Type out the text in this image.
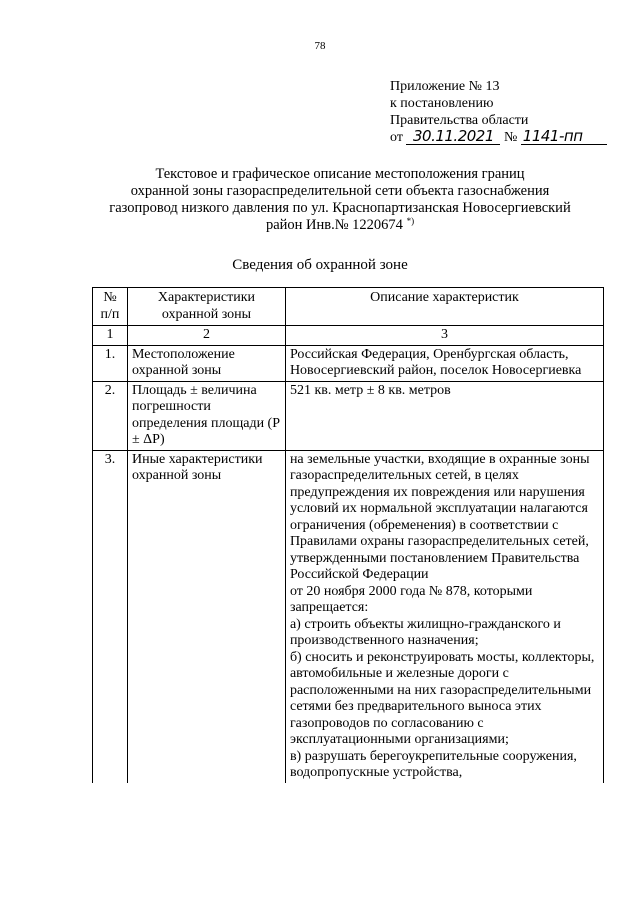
78
Приложение № 13
к постановлению
Правительства области
от 30.11.2021 № 1141-пп
Текстовое и графическое описание местоположения границ
охранной зоны газораспределительной сети объекта газоснабжения
газопровод низкого давления по ул. Краснопартизанская Новосергиевский
район Инв.№ 1220674 *)
Сведения об охранной зоне
№ п/п	Характеристики охранной зоны	Описание характеристик
1	2	3
1.	Местоположение охранной зоны	Российская Федерация, Оренбургская область, Новосергиевский район, поселок Новосергиевка
2.	Площадь ± величина погрешности определения площади (P ± ΔP)	521 кв. метр ± 8 кв. метров
3.	Иные характеристики охранной зоны	на земельные участки, входящие в охранные зоны газораспределительных сетей, в целях предупреждения их повреждения или нарушения условий их нормальной эксплуатации налагаются ограничения (обременения) в соответствии с Правилами охраны газораспределительных сетей, утвержденными постановлением Правительства Российской Федерации
от 20 ноября 2000 года № 878, которыми запрещается:
а) строить объекты жилищно-гражданского и производственного назначения;
б) сносить и реконструировать мосты, коллекторы, автомобильные и железные дороги с расположенными на них газораспределительными сетями без предварительного выноса этих газопроводов по согласованию с эксплуатационными организациями;
в) разрушать берегоукрепительные сооружения, водопропускные устройства,
